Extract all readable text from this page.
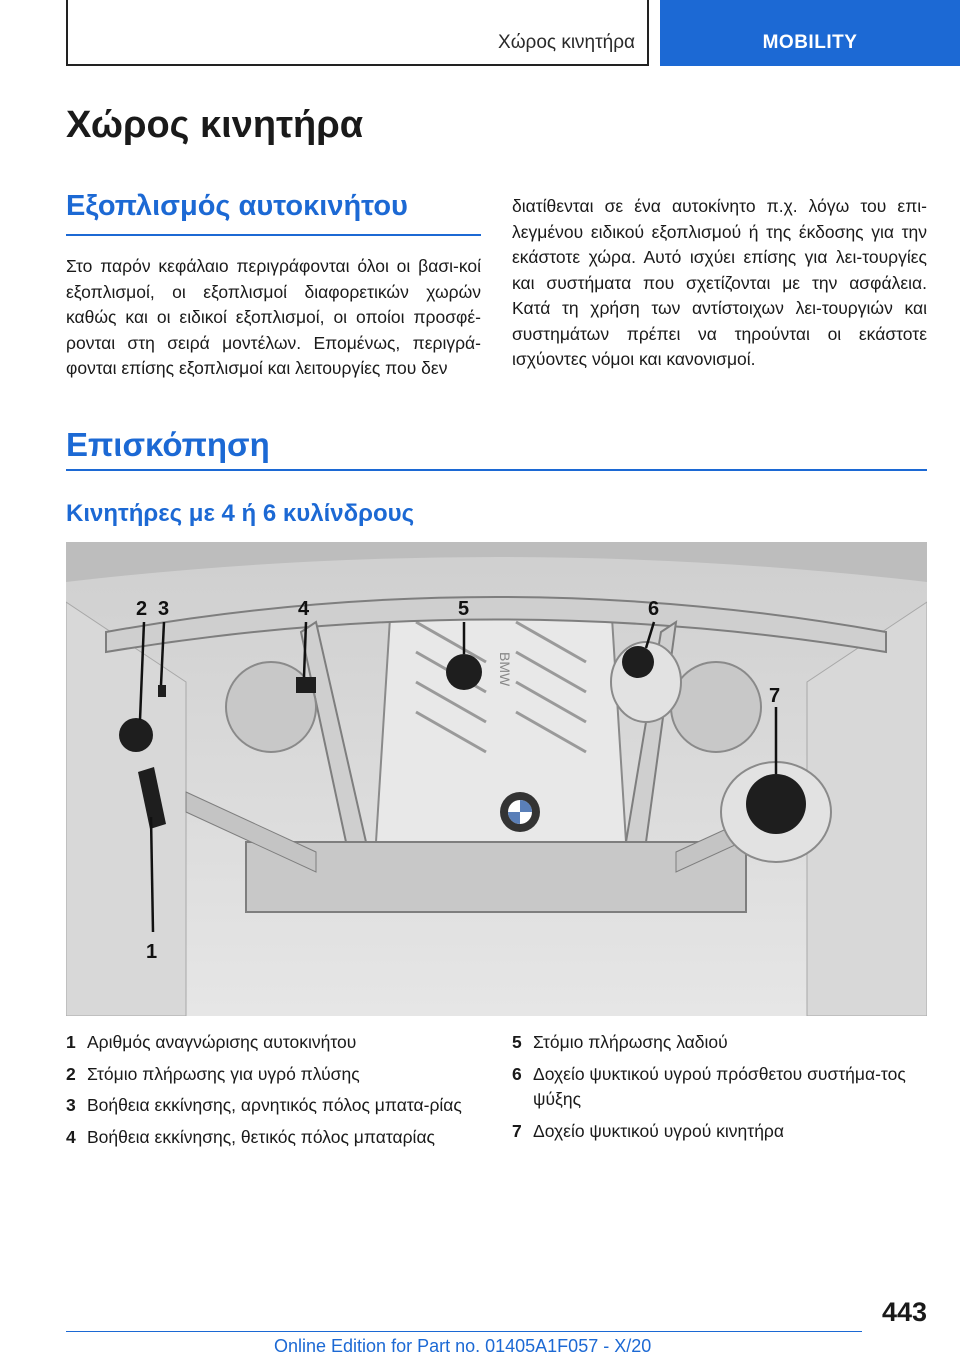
Χώρος κινητήρα	MOBILITY
Χώρος κινητήρα
Εξοπλισμός αυτοκινήτου

Στο παρόν κεφάλαιο περιγράφονται όλοι οι βασι-κοί εξοπλισμοί, οι εξοπλισμοί διαφορετικών χωρών καθώς και οι ειδικοί εξοπλισμοί, οι οποίοι προσφέ-ρονται στη σειρά μοντέλων. Επομένως, περιγρά-φονται επίσης εξοπλισμοί και λειτουργίες που δεν

διατίθενται σε ένα αυτοκίνητο π.χ. λόγω του επι-λεγμένου ειδικού εξοπλισμού ή της έκδοσης για την εκάστοτε χώρα. Αυτό ισχύει επίσης για λει-τουργίες και συστήματα που σχετίζονται με την ασφάλεια. Κατά τη χρήση των αντίστοιχων λει-τουργιών και συστημάτων πρέπει να τηρούνται οι εκάστοτε ισχύοντες νόμοι και κανονισμοί.

Επισκόπηση
Κινητήρες με 4 ή 6 κυλίνδρους
BMW
2 3	4	5	6
7
1
1 Αριθμός αναγνώρισης αυτοκινήτου
2 Στόμιο πλήρωσης για υγρό πλύσης
3 Βοήθεια εκκίνησης, αρνητικός πόλος μπατα-ρίας
4 Βοήθεια εκκίνησης, θετικός πόλος μπαταρίας
5 Στόμιο πλήρωσης λαδιού
6 Δοχείο ψυκτικού υγρού πρόσθετου συστήμα-τος ψύξης
7 Δοχείο ψυκτικού υγρού κινητήρα
443
Online Edition for Part no. 01405A1F057 - X/20
